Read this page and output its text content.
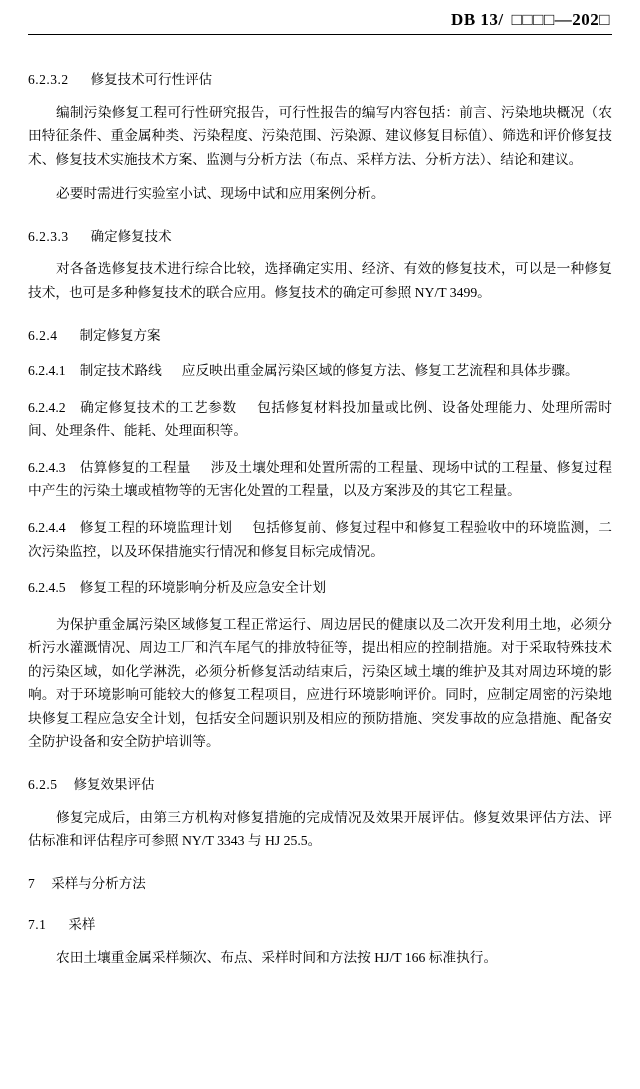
DB 13/ □□□□—202□
6.2.3.2 修复技术可行性评估

编制污染修复工程可行性研究报告，可行性报告的编写内容包括：前言、污染地块概况（农田特征条件、重金属种类、污染程度、污染范围、污染源、建议修复目标值）、筛选和评价修复技术、修复技术实施技术方案、监测与分析方法（布点、采样方法、分析方法）、结论和建议。

必要时需进行实验室小试、现场中试和应用案例分析。

6.2.3.3 确定修复技术

对各备选修复技术进行综合比较，选择确定实用、经济、有效的修复技术，可以是一种修复技术，也可是多种修复技术的联合应用。修复技术的确定可参照 NY/T 3499。

6.2.4 制定修复方案
6.2.4.1 制定技术路线 应反映出重金属污染区域的修复方法、修复工艺流程和具体步骤。
6.2.4.2 确定修复技术的工艺参数 包括修复材料投加量或比例、设备处理能力、处理所需时间、处理条件、能耗、处理面积等。
6.2.4.3 估算修复的工程量 涉及土壤处理和处置所需的工程量、现场中试的工程量、修复过程中产生的污染土壤或植物等的无害化处置的工程量，以及方案涉及的其它工程量。
6.2.4.4 修复工程的环境监理计划 包括修复前、修复过程中和修复工程验收中的环境监测，二次污染监控，以及环保措施实行情况和修复目标完成情况。
6.2.4.5 修复工程的环境影响分析及应急安全计划

为保护重金属污染区域修复工程正常运行、周边居民的健康以及二次开发利用土地，必须分析污水灌溉情况、周边工厂和汽车尾气的排放特征等，提出相应的控制措施。对于采取特殊技术的污染区域，如化学淋洗，必须分析修复活动结束后，污染区域土壤的维护及其对周边环境的影响。对于环境影响可能较大的修复工程项目，应进行环境影响评价。同时，应制定周密的污染地块修复工程应急安全计划，包括安全问题识别及相应的预防措施、突发事故的应急措施、配备安全防护设备和安全防护培训等。

6.2.5 修复效果评估

修复完成后，由第三方机构对修复措施的完成情况及效果开展评估。修复效果评估方法、评估标准和评估程序可参照 NY/T 3343 与 HJ 25.5。

7 采样与分析方法
7.1 采样

农田土壤重金属采样频次、布点、采样时间和方法按 HJ/T 166 标准执行。
